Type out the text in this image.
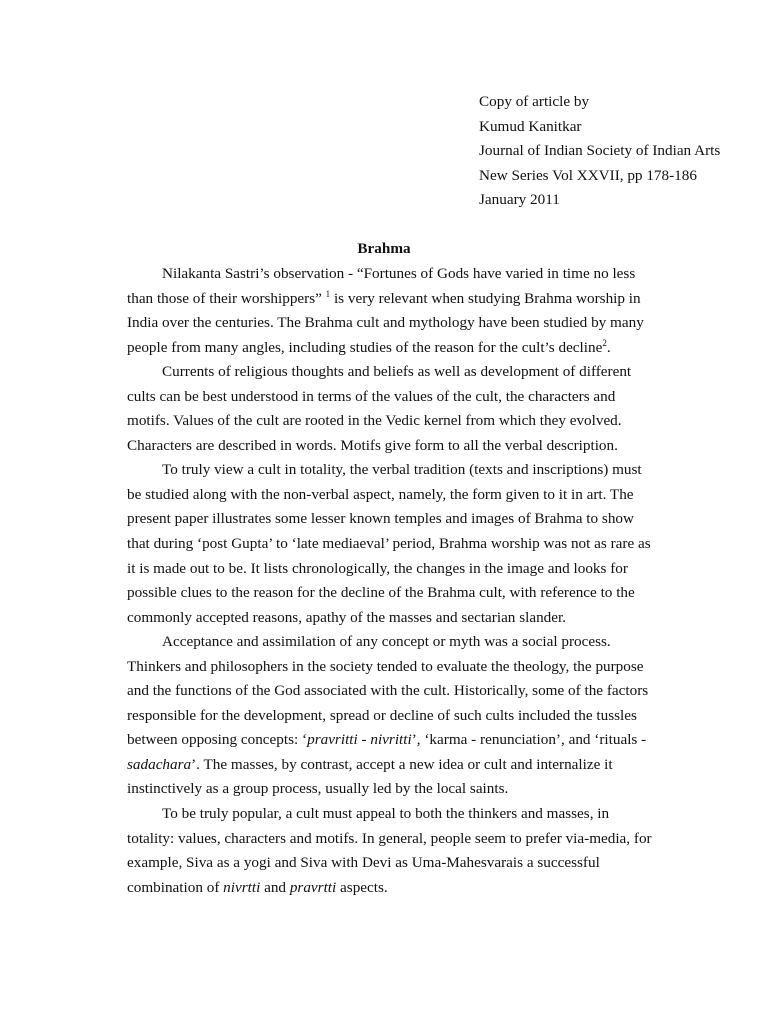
Copy of article by
Kumud Kanitkar
Journal of Indian Society of Indian Arts
New Series Vol XXVII, pp 178-186
January 2011
Brahma
Nilakanta Sastri’s observation - “Fortunes of Gods have varied in time no less
than those of their worshippers” $^1$ is very relevant when studying Brahma worship in
India over the centuries. The Brahma cult and mythology have been studied by many
people from many angles, including studies of the reason for the cult’s decline$^2$.
Currents of religious thoughts and beliefs as well as development of different
cults can be best understood in terms of the values of the cult, the characters and
motifs. Values of the cult are rooted in the Vedic kernel from which they evolved.
Characters are described in words. Motifs give form to all the verbal description.
To truly view a cult in totality, the verbal tradition (texts and inscriptions) must
be studied along with the non-verbal aspect, namely, the form given to it in art. The
present paper illustrates some lesser known temples and images of Brahma to show
that during ‘post Gupta’ to ‘late mediaeval’ period, Brahma worship was not as rare as
it is made out to be. It lists chronologically, the changes in the image and looks for
possible clues to the reason for the decline of the Brahma cult, with reference to the
commonly accepted reasons, apathy of the masses and sectarian slander.
Acceptance and assimilation of any concept or myth was a social process.
Thinkers and philosophers in the society tended to evaluate the theology, the purpose
and the functions of the God associated with the cult. Historically, some of the factors
responsible for the development, spread or decline of such cults included the tussles
between opposing concepts: ‘pravritti - nivritti’, ‘karma - renunciation’, and ‘rituals -
sadachara’. The masses, by contrast, accept a new idea or cult and internalize it
instinctively as a group process, usually led by the local saints.
To be truly popular, a cult must appeal to both the thinkers and masses, in
totality: values, characters and motifs. In general, people seem to prefer via-media, for
example, Siva as a yogi and Siva with Devi as Uma-Mahesvarais a successful
combination of nivrtti and pravrtti aspects.
